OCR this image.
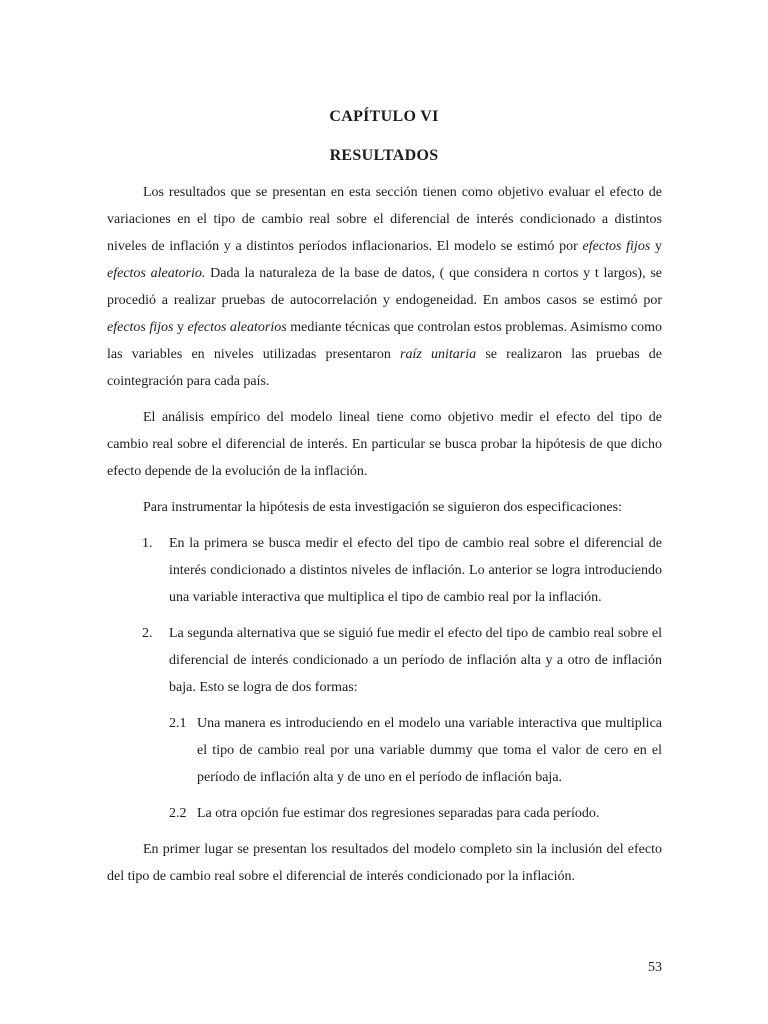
CAPÍTULO VI
RESULTADOS

Los resultados que se presentan en esta sección tienen como objetivo evaluar el efecto de variaciones en el tipo de cambio real sobre el diferencial de interés condicionado a distintos niveles de inflación y a distintos períodos inflacionarios. El modelo se estimó por efectos fijos y efectos aleatorio. Dada la naturaleza de la base de datos, ( que considera n cortos y t largos), se procedió a realizar pruebas de autocorrelación y endogeneidad. En ambos casos se estimó por efectos fijos y efectos aleatorios mediante técnicas que controlan estos problemas. Asimismo como las variables en niveles utilizadas presentaron raíz unitaria se realizaron las pruebas de cointegración para cada país.

El análisis empírico del modelo lineal tiene como objetivo medir el efecto del tipo de cambio real sobre el diferencial de interés. En particular se busca probar la hipótesis de que dicho efecto depende de la evolución de la inflación.

Para instrumentar la hipótesis de esta investigación se siguieron dos especificaciones:

1. En la primera se busca medir el efecto del tipo de cambio real sobre el diferencial de interés condicionado a distintos niveles de inflación. Lo anterior se logra introduciendo una variable interactiva que multiplica el tipo de cambio real por la inflación.
2. La segunda alternativa que se siguió fue medir el efecto del tipo de cambio real sobre el diferencial de interés condicionado a un período de inflación alta y a otro de inflación baja. Esto se logra de dos formas:
2.1 Una manera es introduciendo en el modelo una variable interactiva que multiplica el tipo de cambio real por una variable dummy que toma el valor de cero en el período de inflación alta y de uno en el período de inflación baja.
2.2 La otra opción fue estimar dos regresiones separadas para cada período.

En primer lugar se presentan los resultados del modelo completo sin la inclusión del efecto del tipo de cambio real sobre el diferencial de interés condicionado por la inflación.

53
